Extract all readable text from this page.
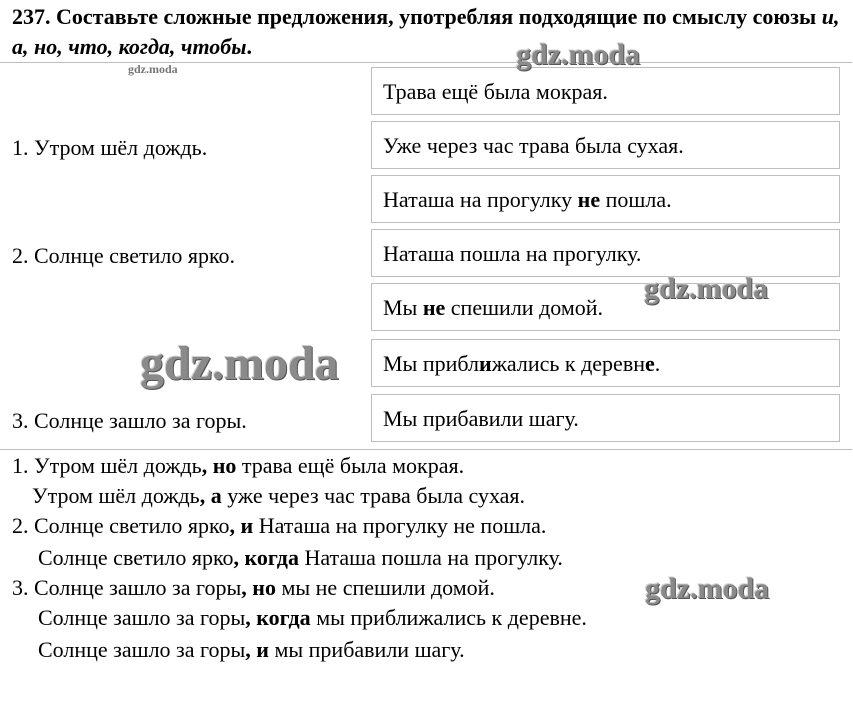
237. Составьте сложные предложения, употребляя подходящие по смыслу союзы и, а, но, что, когда, чтобы.
1. Утром шёл дождь.
2. Солнце светило ярко.
3. Солнце зашло за горы.
Трава ещё была мокрая.
Уже через час трава была сухая.
Наташа на прогулку не пошла.
Наташа пошла на прогулку.
Мы не спешили домой.
Мы приближались к деревне.
Мы прибавили шагу.
1. Утром шёл дождь, но трава ещё была мокрая.
Утром шёл дождь, а уже через час трава была сухая.
2. Солнце светило ярко, и Наташа на прогулку не пошла.
Солнце светило ярко, когда Наташа пошла на прогулку.
3. Солнце зашло за горы, но мы не спешили домой.
Солнце зашло за горы, когда мы приближались к деревне.
Солнце зашло за горы, и мы прибавили шагу.
gdz.moda	gdz.moda
gdz.moda
gdz.moda
gdz.moda
